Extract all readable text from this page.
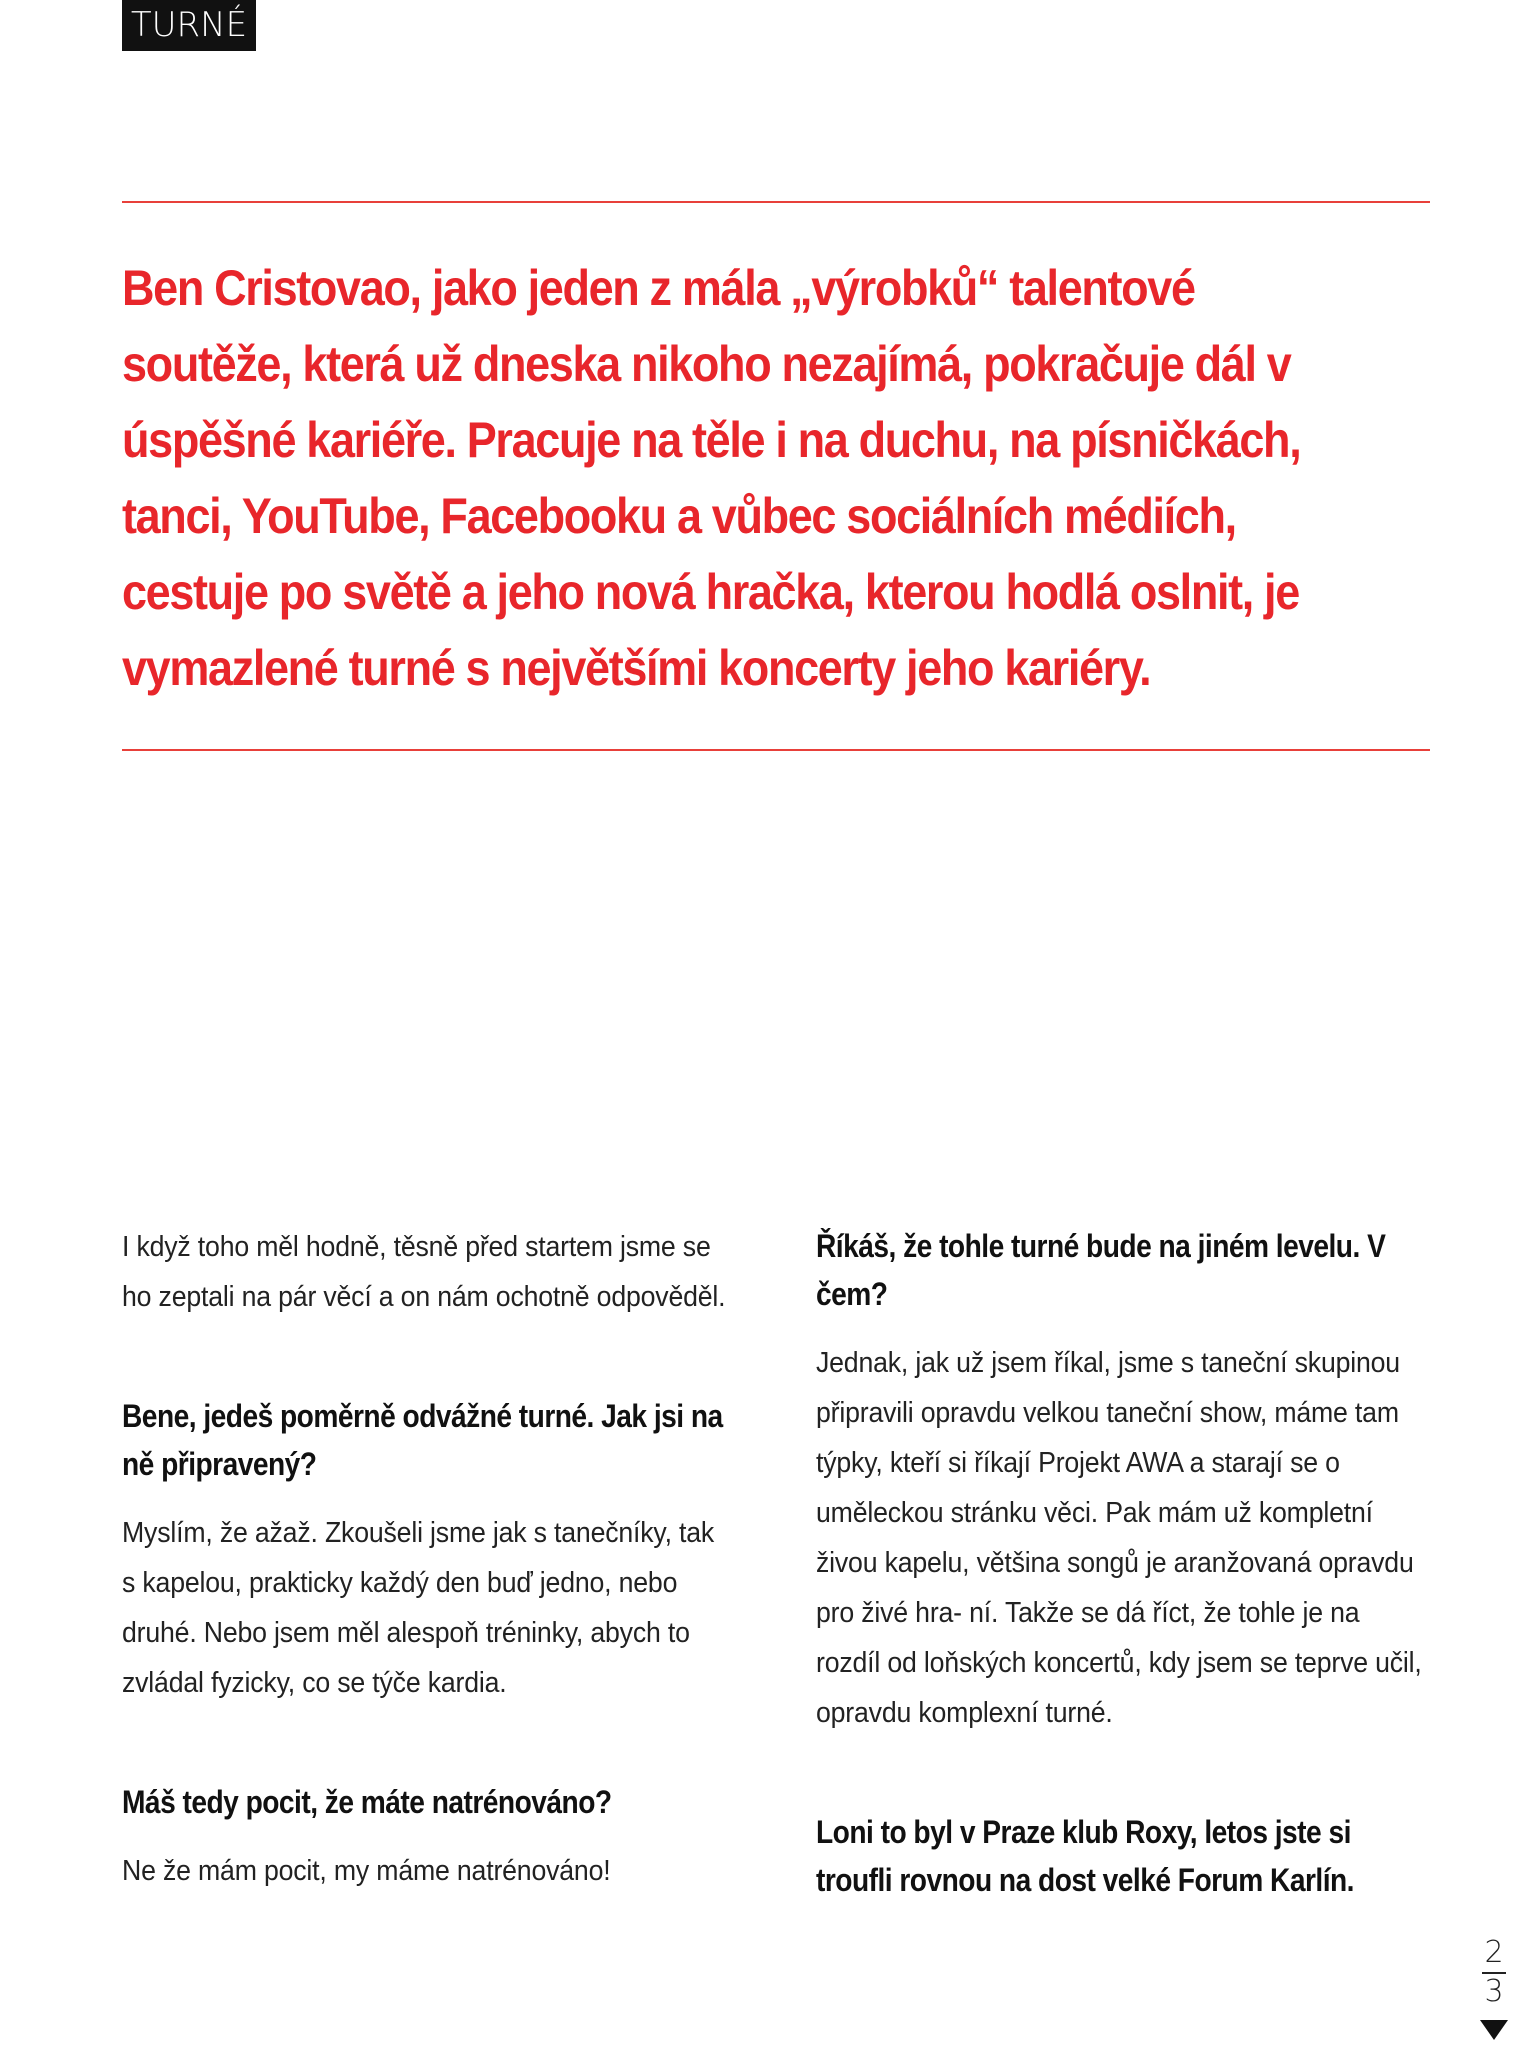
TURNÉ

Ben Cristovao, jako jeden z mála „výrobků“ talentové soutěže, která už dneska nikoho nezajímá, pokračuje dál v úspěšné kariéře. Pracuje na těle i na duchu, na písničkách, tanci, YouTube, Facebooku a vůbec sociálních médiích, cestuje po světě a jeho nová hračka, kterou hodlá oslnit, je vymazlené turné s největšími koncerty jeho kariéry.

I když toho měl hodně, těsně před startem jsme se ho zeptali na pár věcí a on nám ochotně odpověděl.

Bene, jedeš poměrně odvážné turné. Jak jsi na ně připravený?

Myslím, že ažaž. Zkoušeli jsme jak s tanečníky, tak s kapelou, prakticky každý den buď jedno, nebo druhé. Nebo jsem měl alespoň tréninky, abych to zvládal fyzicky, co se týče kardia.

Máš tedy pocit, že máte natrénováno?

Ne že mám pocit, my máme natrénováno!

Říkáš, že tohle turné bude na jiném levelu. V čem?

Jednak, jak už jsem říkal, jsme s taneční skupinou připravili opravdu velkou taneční show, máme tam týpky, kteří si říkají Projekt AWA a starají se o uměleckou stránku věci. Pak mám už kompletní živou kapelu, většina songů je aranžovaná opravdu pro živé hra- ní. Takže se dá říct, že tohle je na rozdíl od loňských koncertů, kdy jsem se teprve učil, opravdu komplexní turné.

Loni to byl v Praze klub Roxy, letos jste si troufli rovnou na dost velké Forum Karlín.

2
3
